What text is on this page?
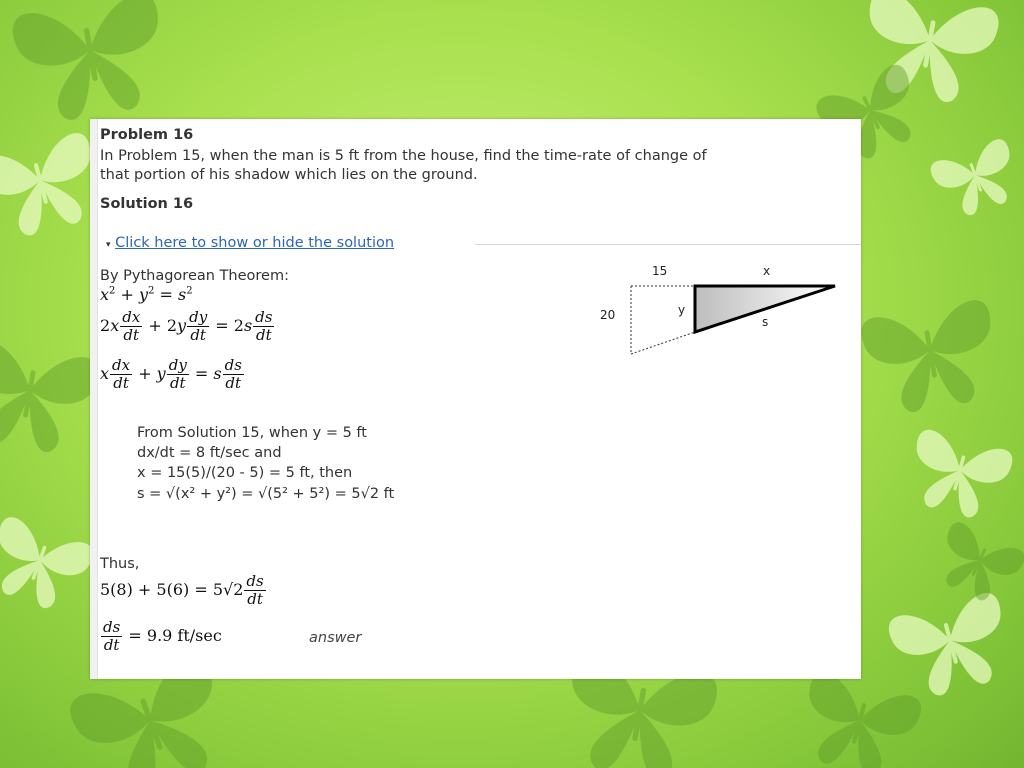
Problem 16
In Problem 15, when the man is 5 ft from the house, find the time-rate of change of
that portion of his shadow which lies on the ground.
Solution 16
▾ Click here to show or hide the solution
By Pythagorean Theorem:
$x^2 + y^2 = s^2$
$2x \frac{dx}{dt} + 2y \frac{dy}{dt} = 2s \frac{ds}{dt}$
x $\frac{dx}{dt} + y \frac{dy}{dt} = s \frac{ds}{dt}$
From Solution 15, when y = 5 ft
dx/dt = 8 ft/sec and
x = 15(5)/(20 - 5) = 5 ft, then
s = √(x² + y²) = √(5² + 5²) = 5√2 ft
Thus,
$5(8) + 5(6) = 5√2 \frac{ds}{dt}$
$\frac{ds}{dt} = 9.9$ ft/sec	answer
15	x
20	y
s
